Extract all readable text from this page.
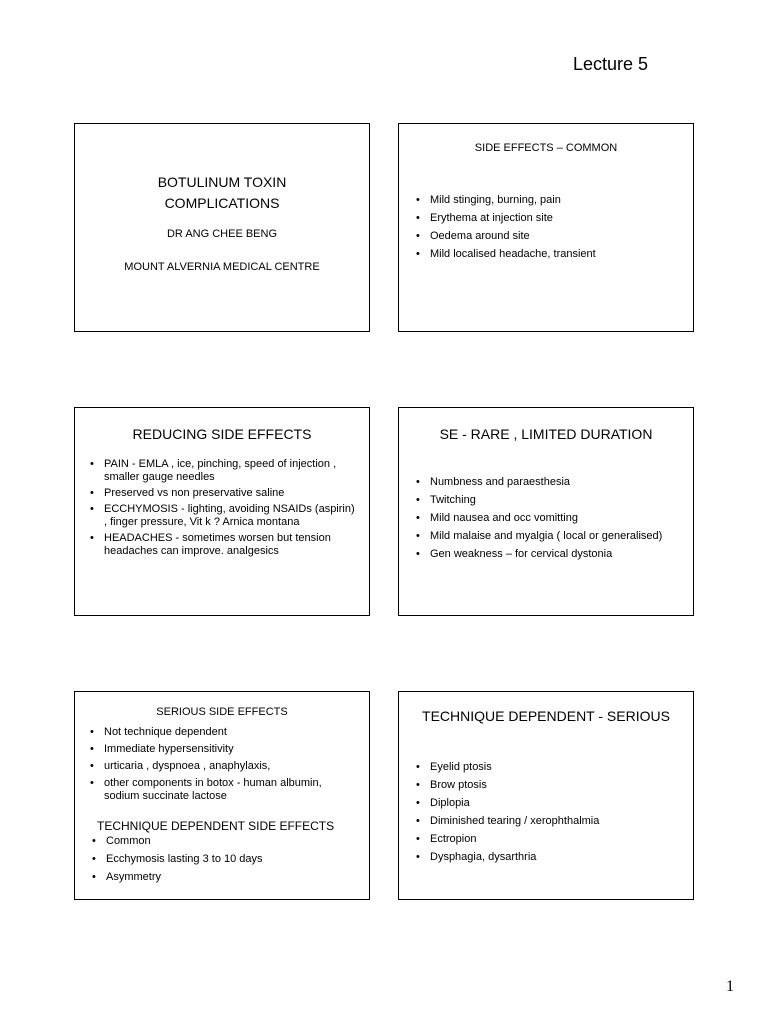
Lecture 5
BOTULINUM TOXIN COMPLICATIONS
DR ANG CHEE BENG
MOUNT ALVERNIA MEDICAL CENTRE
SIDE EFFECTS – COMMON
• Mild stinging, burning, pain
• Erythema at injection site
• Oedema around site
• Mild localised headache, transient
REDUCING SIDE EFFECTS
• PAIN - EMLA , ice, pinching, speed of injection , smaller gauge needles
• Preserved vs non preservative saline
• ECCHYMOSIS - lighting, avoiding NSAIDs (aspirin) , finger pressure, Vit k ? Arnica montana
• HEADACHES - sometimes worsen but tension headaches can improve. analgesics
SE - RARE , LIMITED DURATION
• Numbness and paraesthesia
• Twitching
• Mild nausea and occ vomitting
• Mild malaise and myalgia ( local or generalised)
• Gen weakness – for cervical dystonia
SERIOUS SIDE EFFECTS
• Not technique dependent
• Immediate hypersensitivity
• urticaria , dyspnoea , anaphylaxis,
• other components in botox - human albumin, sodium succinate lactose
TECHNIQUE DEPENDENT SIDE EFFECTS
• Common
• Ecchymosis lasting 3 to 10 days
• Asymmetry
TECHNIQUE DEPENDENT - SERIOUS
• Eyelid ptosis
• Brow ptosis
• Diplopia
• Diminished tearing / xerophthalmia
• Ectropion
• Dysphagia, dysarthria
1
